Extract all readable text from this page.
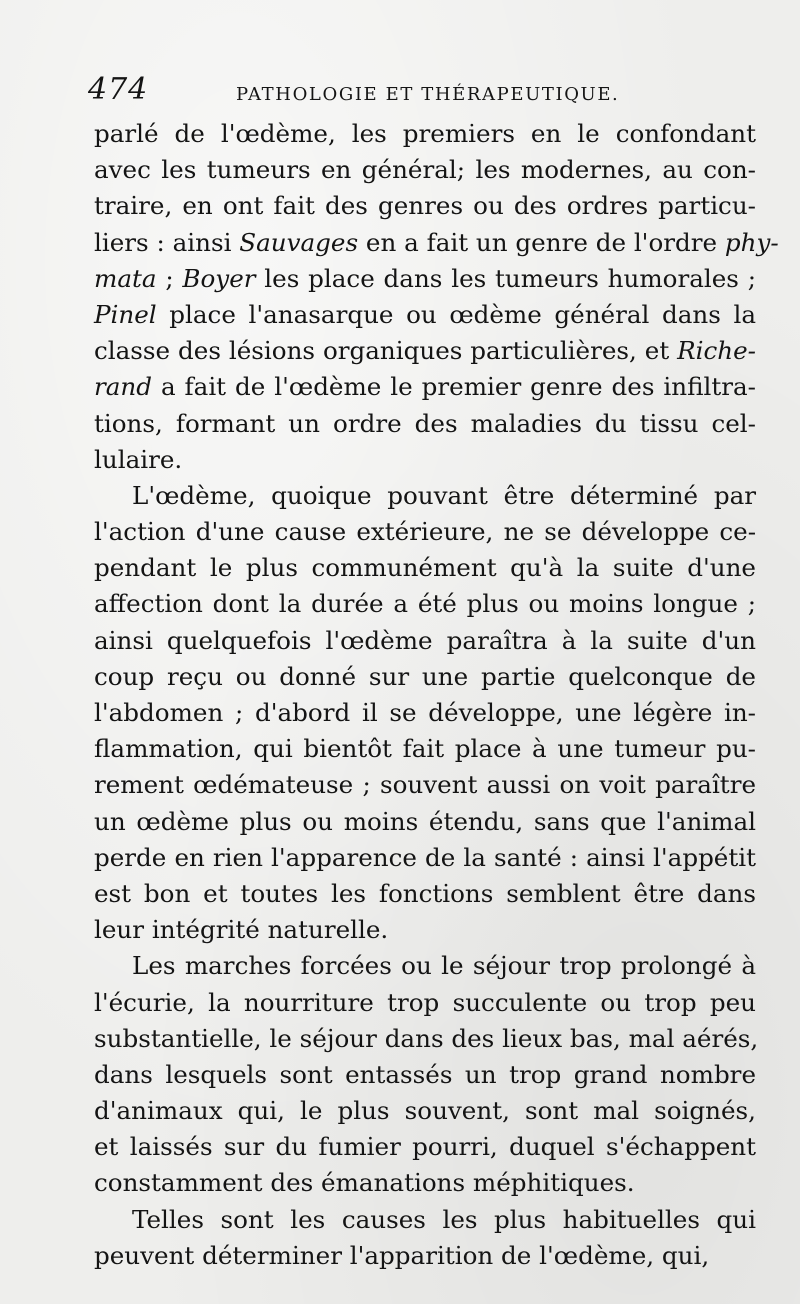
474	PATHOLOGIE ET THÉRAPEUTIQUE.
parlé de l'œdème, les premiers en le confondant
avec les tumeurs en général; les modernes, au con-
traire, en ont fait des genres ou des ordres particu-
liers : ainsi Sauvages en a fait un genre de l'ordre phy-
mata ; Boyer les place dans les tumeurs humorales ;
Pinel place l'anasarque ou œdème général dans la
classe des lésions organiques particulières, et Riche-
rand a fait de l'œdème le premier genre des infiltra-
tions, formant un ordre des maladies du tissu cel-
lulaire.
L'œdème, quoique pouvant être déterminé par
l'action d'une cause extérieure, ne se développe ce-
pendant le plus communément qu'à la suite d'une
affection dont la durée a été plus ou moins longue ;
ainsi quelquefois l'œdème paraîtra à la suite d'un
coup reçu ou donné sur une partie quelconque de
l'abdomen ; d'abord il se développe, une légère in-
flammation, qui bientôt fait place à une tumeur pu-
rement œdémateuse ; souvent aussi on voit paraître
un œdème plus ou moins étendu, sans que l'animal
perde en rien l'apparence de la santé : ainsi l'appétit
est bon et toutes les fonctions semblent être dans
leur intégrité naturelle.
Les marches forcées ou le séjour trop prolongé à
l'écurie, la nourriture trop succulente ou trop peu
substantielle, le séjour dans des lieux bas, mal aérés,
dans lesquels sont entassés un trop grand nombre
d'animaux qui, le plus souvent, sont mal soignés,
et laissés sur du fumier pourri, duquel s'échappent
constamment des émanations méphitiques.
Telles sont les causes les plus habituelles qui
peuvent déterminer l'apparition de l'œdème, qui,
